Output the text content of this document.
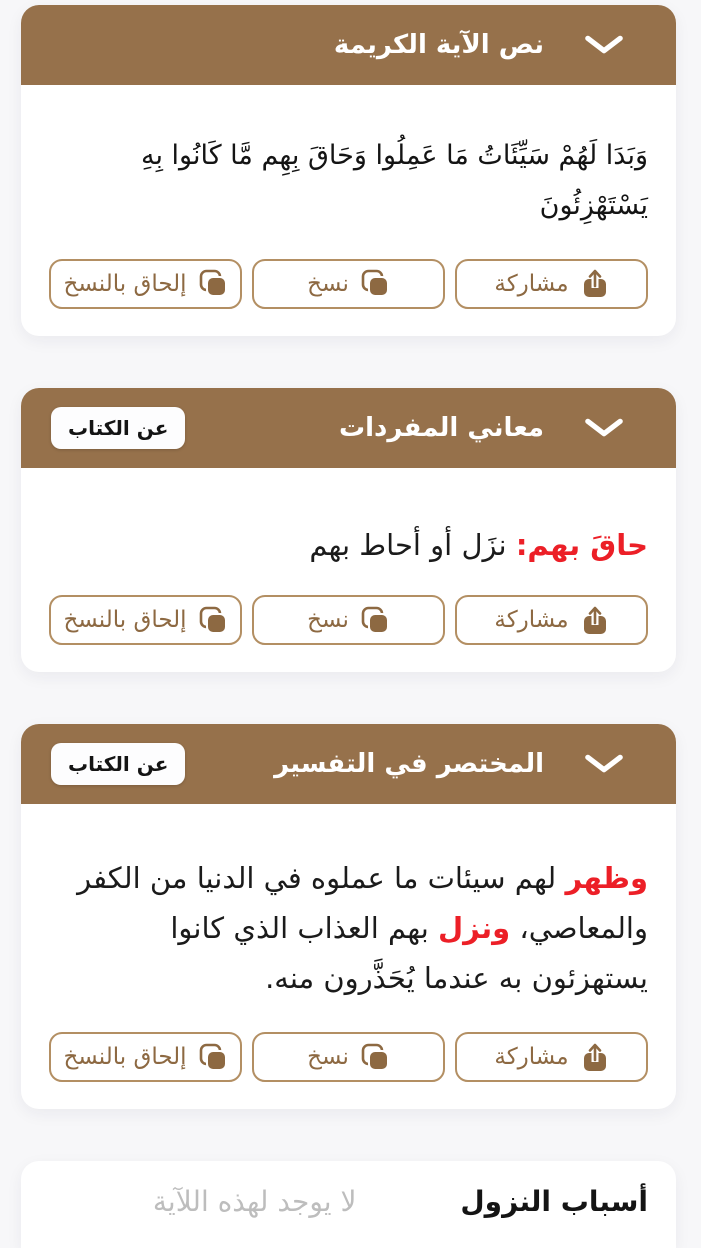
نص الآية الكريمة

وَبَدَا لَهُمْ سَيِّئَاتُ مَا عَمِلُوا وَحَاقَ بِهِم مَّا كَانُوا بِهِ يَسْتَهْزِئُونَ

مشاركة
نسخ
إلحاق بالنسخ
معاني المفردات
عن الكتاب

حاقَ بهم: نزَل أو أحاط بهم

مشاركة
نسخ
إلحاق بالنسخ
المختصر في التفسير
عن الكتاب

وظهر لهم سيئات ما عملوه في الدنيا من الكفر والمعاصي، ونزل بهم العذاب الذي كانوا يستهزئون به عندما يُحَذَّرون منه.

مشاركة
نسخ
إلحاق بالنسخ
أسباب النزول
لا يوجد لهذه اللآية
